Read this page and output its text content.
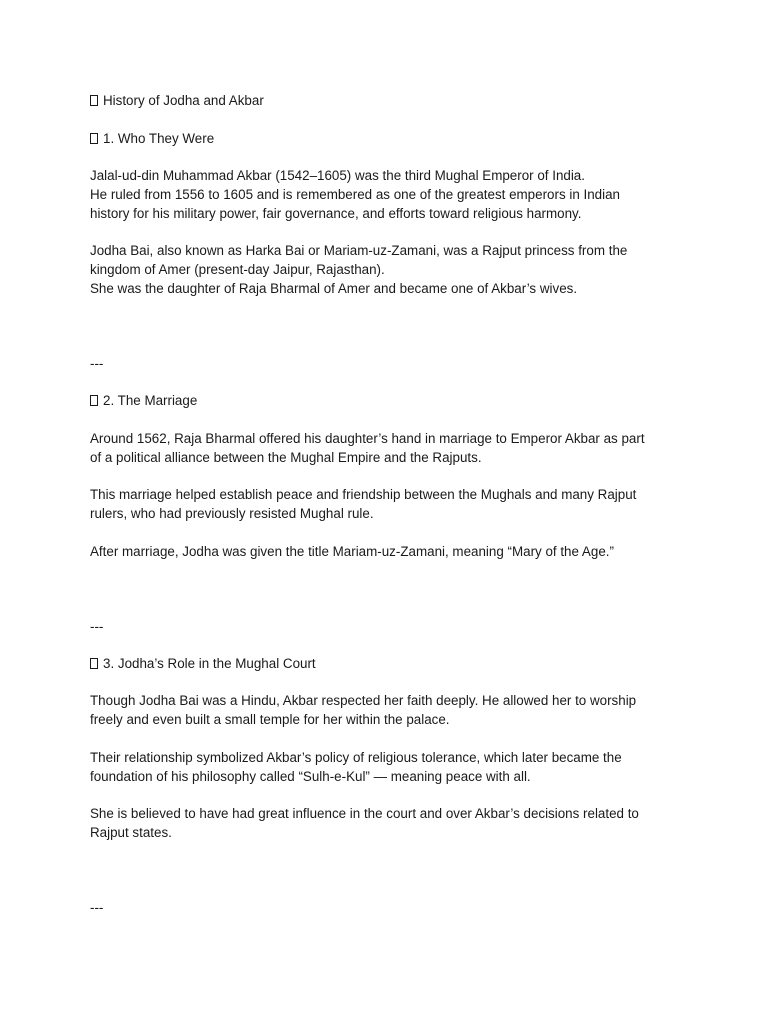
History of Jodha and Akbar

1. Who They Were

Jalal-ud-din Muhammad Akbar (1542–1605) was the third Mughal Emperor of India.

He ruled from 1556 to 1605 and is remembered as one of the greatest emperors in Indian

history for his military power, fair governance, and efforts toward religious harmony.

Jodha Bai, also known as Harka Bai or Mariam-uz-Zamani, was a Rajput princess from the

kingdom of Amer (present-day Jaipur, Rajasthan).

She was the daughter of Raja Bharmal of Amer and became one of Akbar’s wives.

---

2. The Marriage

Around 1562, Raja Bharmal offered his daughter’s hand in marriage to Emperor Akbar as part

of a political alliance between the Mughal Empire and the Rajputs.

This marriage helped establish peace and friendship between the Mughals and many Rajput

rulers, who had previously resisted Mughal rule.

After marriage, Jodha was given the title Mariam-uz-Zamani, meaning “Mary of the Age.”

---

3. Jodha’s Role in the Mughal Court

Though Jodha Bai was a Hindu, Akbar respected her faith deeply. He allowed her to worship

freely and even built a small temple for her within the palace.

Their relationship symbolized Akbar’s policy of religious tolerance, which later became the

foundation of his philosophy called “Sulh-e-Kul” — meaning peace with all.

She is believed to have had great influence in the court and over Akbar’s decisions related to

Rajput states.

---
